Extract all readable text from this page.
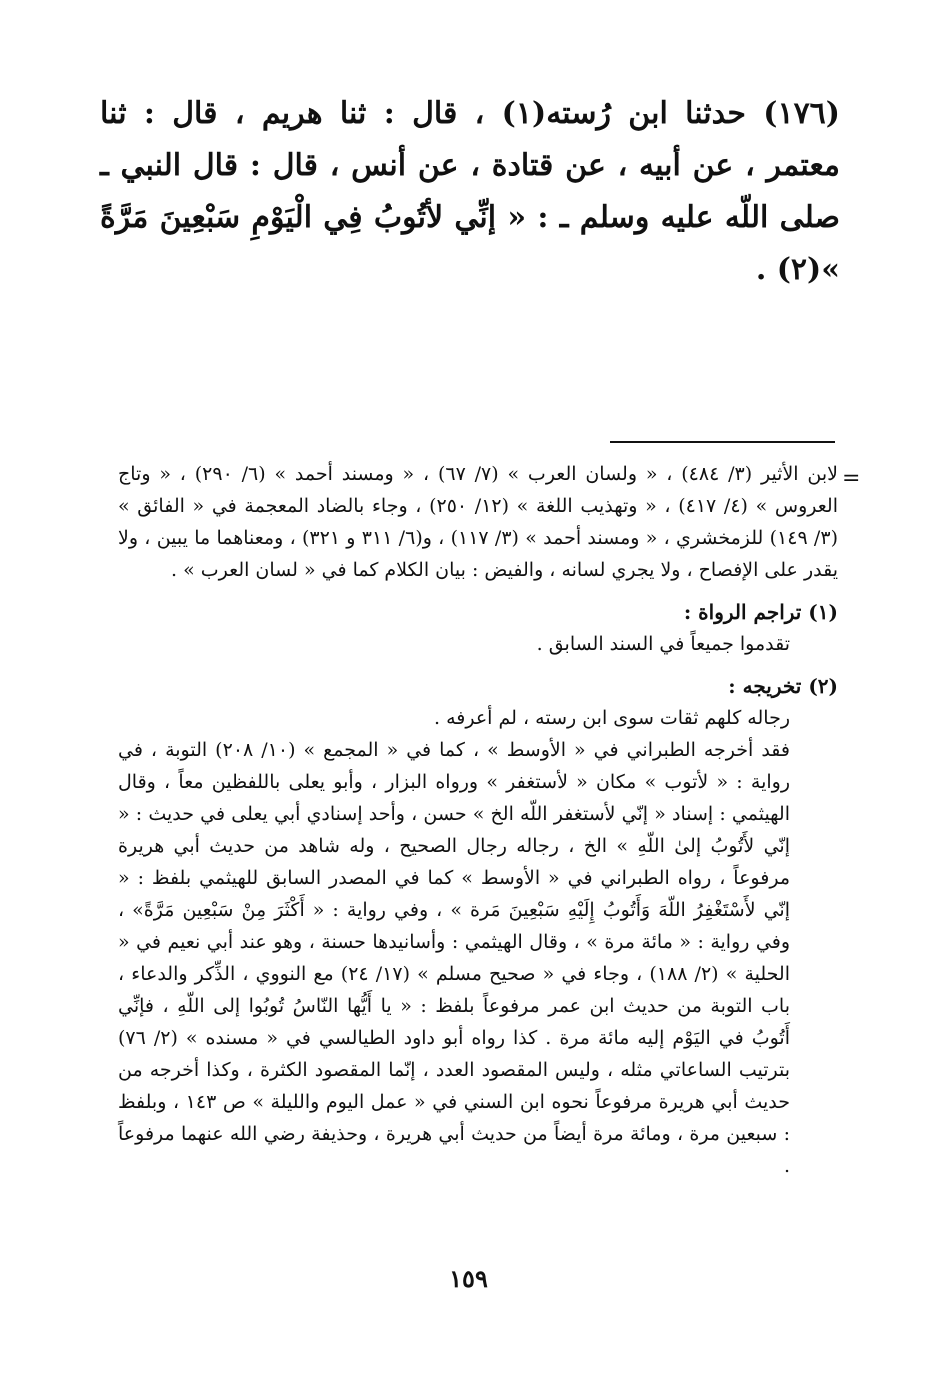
(١٧٦) حدثنا ابن رُسته(١) ، قال : ثنا هريم ، قال : ثنا معتمر ، عن أبيه ، عن قتادة ، عن أنس ، قال : قال النبي ـ صلى اللّه عليه وسلم ـ : « إنِّي لأتُوبُ فِي الْيَوْمِ سَبْعِينَ مَرَّةً »(٢) .

=

لابن الأثير (٣/ ٤٨٤) ، « ولسان العرب » (٧/ ٦٧) ، « ومسند أحمد » (٦/ ٢٩٠) ، « وتاج العروس » (٤/ ٤١٧) ، « وتهذيب اللغة » (١٢/ ٢٥٠) ، وجاء بالضاد المعجمة في « الفائق » (٣/ ١٤٩) للزمخشري ، « ومسند أحمد » (٣/ ١١٧) ، و(٦/ ٣١١ و ٣٢١) ، ومعناهما ما يبين ، ولا يقدر على الإفصاح ، ولا يجري لسانه ، والفيض : بيان الكلام كما في « لسان العرب » .

(١) تراجم الرواة :

تقدموا جميعاً في السند السابق .

(٢) تخريجه :

رجاله كلهم ثقات سوى ابن رسته ، لم أعرفه .

فقد أخرجه الطبراني في « الأوسط » ، كما في « المجمع » (١٠/ ٢٠٨) التوبة ، في رواية : « لأتوب » مكان « لأستغفر » ورواه البزار ، وأبو يعلى باللفظين معاً ، وقال الهيثمي : إسناد « إنّي لأستغفر اللّه الخ » حسن ، وأحد إسنادي أبي يعلى في حديث : « إنّي لأَتُوبُ إلىٰ اللّهِ » الخ ، رجاله رجال الصحيح ، وله شاهد من حديث أبي هريرة مرفوعاً ، رواه الطبراني في « الأوسط » كما في المصدر السابق للهيثمي بلفظ : « إنّي لأَسْتَغْفِرُ اللّهَ وَأَتُوبُ إِلَيْهِ سَبْعِينَ مَرة » ، وفي رواية : « أَكْثَرَ مِنْ سَبْعِين مَرَّةً» ، وفي رواية : « مائة مرة » ، وقال الهيثمي : وأسانيدها حسنة ، وهو عند أبي نعيم في « الحلية » (٢/ ١٨٨) ، وجاء في « صحيح مسلم » (١٧/ ٢٤) مع النووي ، الذِّكر والدعاء ، باب التوبة من حديث ابن عمر مرفوعاً بلفظ : « يا أَيُّها النّاسُ تُوبُوا إلى اللّهِ ، فإنِّي أَتُوبُ في اليَوْم إليه مائة مرة . كذا رواه أبو داود الطيالسي في « مسنده » (٢/ ٧٦) بترتيب الساعاتي مثله ، وليس المقصود العدد ، إنّما المقصود الكثرة ، وكذا أخرجه من حديث أبي هريرة مرفوعاً نحوه ابن السني في « عمل اليوم والليلة » ص ١٤٣ ، وبلفظ : سبعين مرة ، ومائة مرة أيضاً من حديث أبي هريرة ، وحذيفة رضي الله عنهما مرفوعاً .

١٥٩
